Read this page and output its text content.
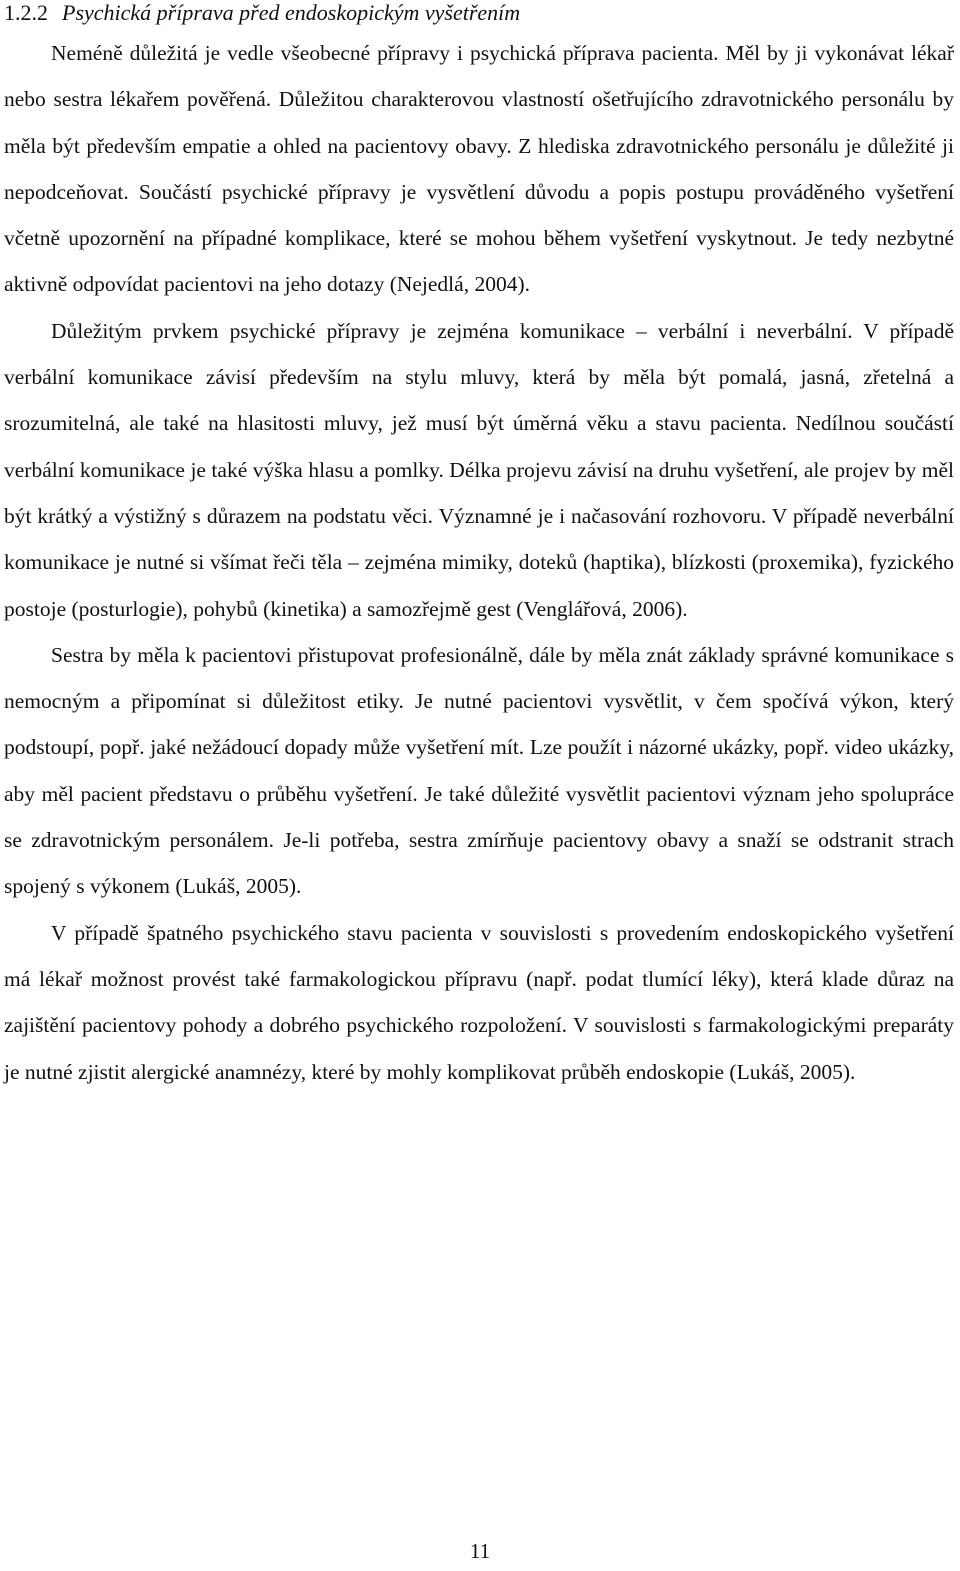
1.2.2 Psychická příprava před endoskopickým vyšetřením

Neméně důležitá je vedle všeobecné přípravy i psychická příprava pacienta. Měl by ji vykonávat lékař nebo sestra lékařem pověřená. Důležitou charakterovou vlastností ošetřujícího zdravotnického personálu by měla být především empatie a ohled na pacientovy obavy. Z hlediska zdravotnického personálu je důležité ji nepodceňovat. Součástí psychické přípravy je vysvětlení důvodu a popis postupu prováděného vyšetření včetně upozornění na případné komplikace, které se mohou během vyšetření vyskytnout. Je tedy nezbytné aktivně odpovídat pacientovi na jeho dotazy (Nejedlá, 2004).

Důležitým prvkem psychické přípravy je zejména komunikace – verbální i neverbální. V případě verbální komunikace závisí především na stylu mluvy, která by měla být pomalá, jasná, zřetelná a srozumitelná, ale také na hlasitosti mluvy, jež musí být úměrná věku a stavu pacienta. Nedílnou součástí verbální komunikace je také výška hlasu a pomlky. Délka projevu závisí na druhu vyšetření, ale projev by měl být krátký a výstižný s důrazem na podstatu věci. Významné je i načasování rozhovoru. V případě neverbální komunikace je nutné si všímat řeči těla – zejména mimiky, doteků (haptika), blízkosti (proxemika), fyzického postoje (posturlogie), pohybů (kinetika) a samozřejmě gest (Venglářová, 2006).

Sestra by měla k pacientovi přistupovat profesionálně, dále by měla znát základy správné komunikace s nemocným a připomínat si důležitost etiky. Je nutné pacientovi vysvětlit, v čem spočívá výkon, který podstoupí, popř. jaké nežádoucí dopady může vyšetření mít. Lze použít i názorné ukázky, popř. video ukázky, aby měl pacient představu o průběhu vyšetření. Je také důležité vysvětlit pacientovi význam jeho spolupráce se zdravotnickým personálem. Je-li potřeba, sestra zmírňuje pacientovy obavy a snaží se odstranit strach spojený s výkonem (Lukáš, 2005).

V případě špatného psychického stavu pacienta v souvislosti s provedením endoskopického vyšetření má lékař možnost provést také farmakologickou přípravu (např. podat tlumící léky), která klade důraz na zajištění pacientovy pohody a dobrého psychického rozpoložení. V souvislosti s farmakologickými preparáty je nutné zjistit alergické anamnézy, které by mohly komplikovat průběh endoskopie (Lukáš, 2005).

11
